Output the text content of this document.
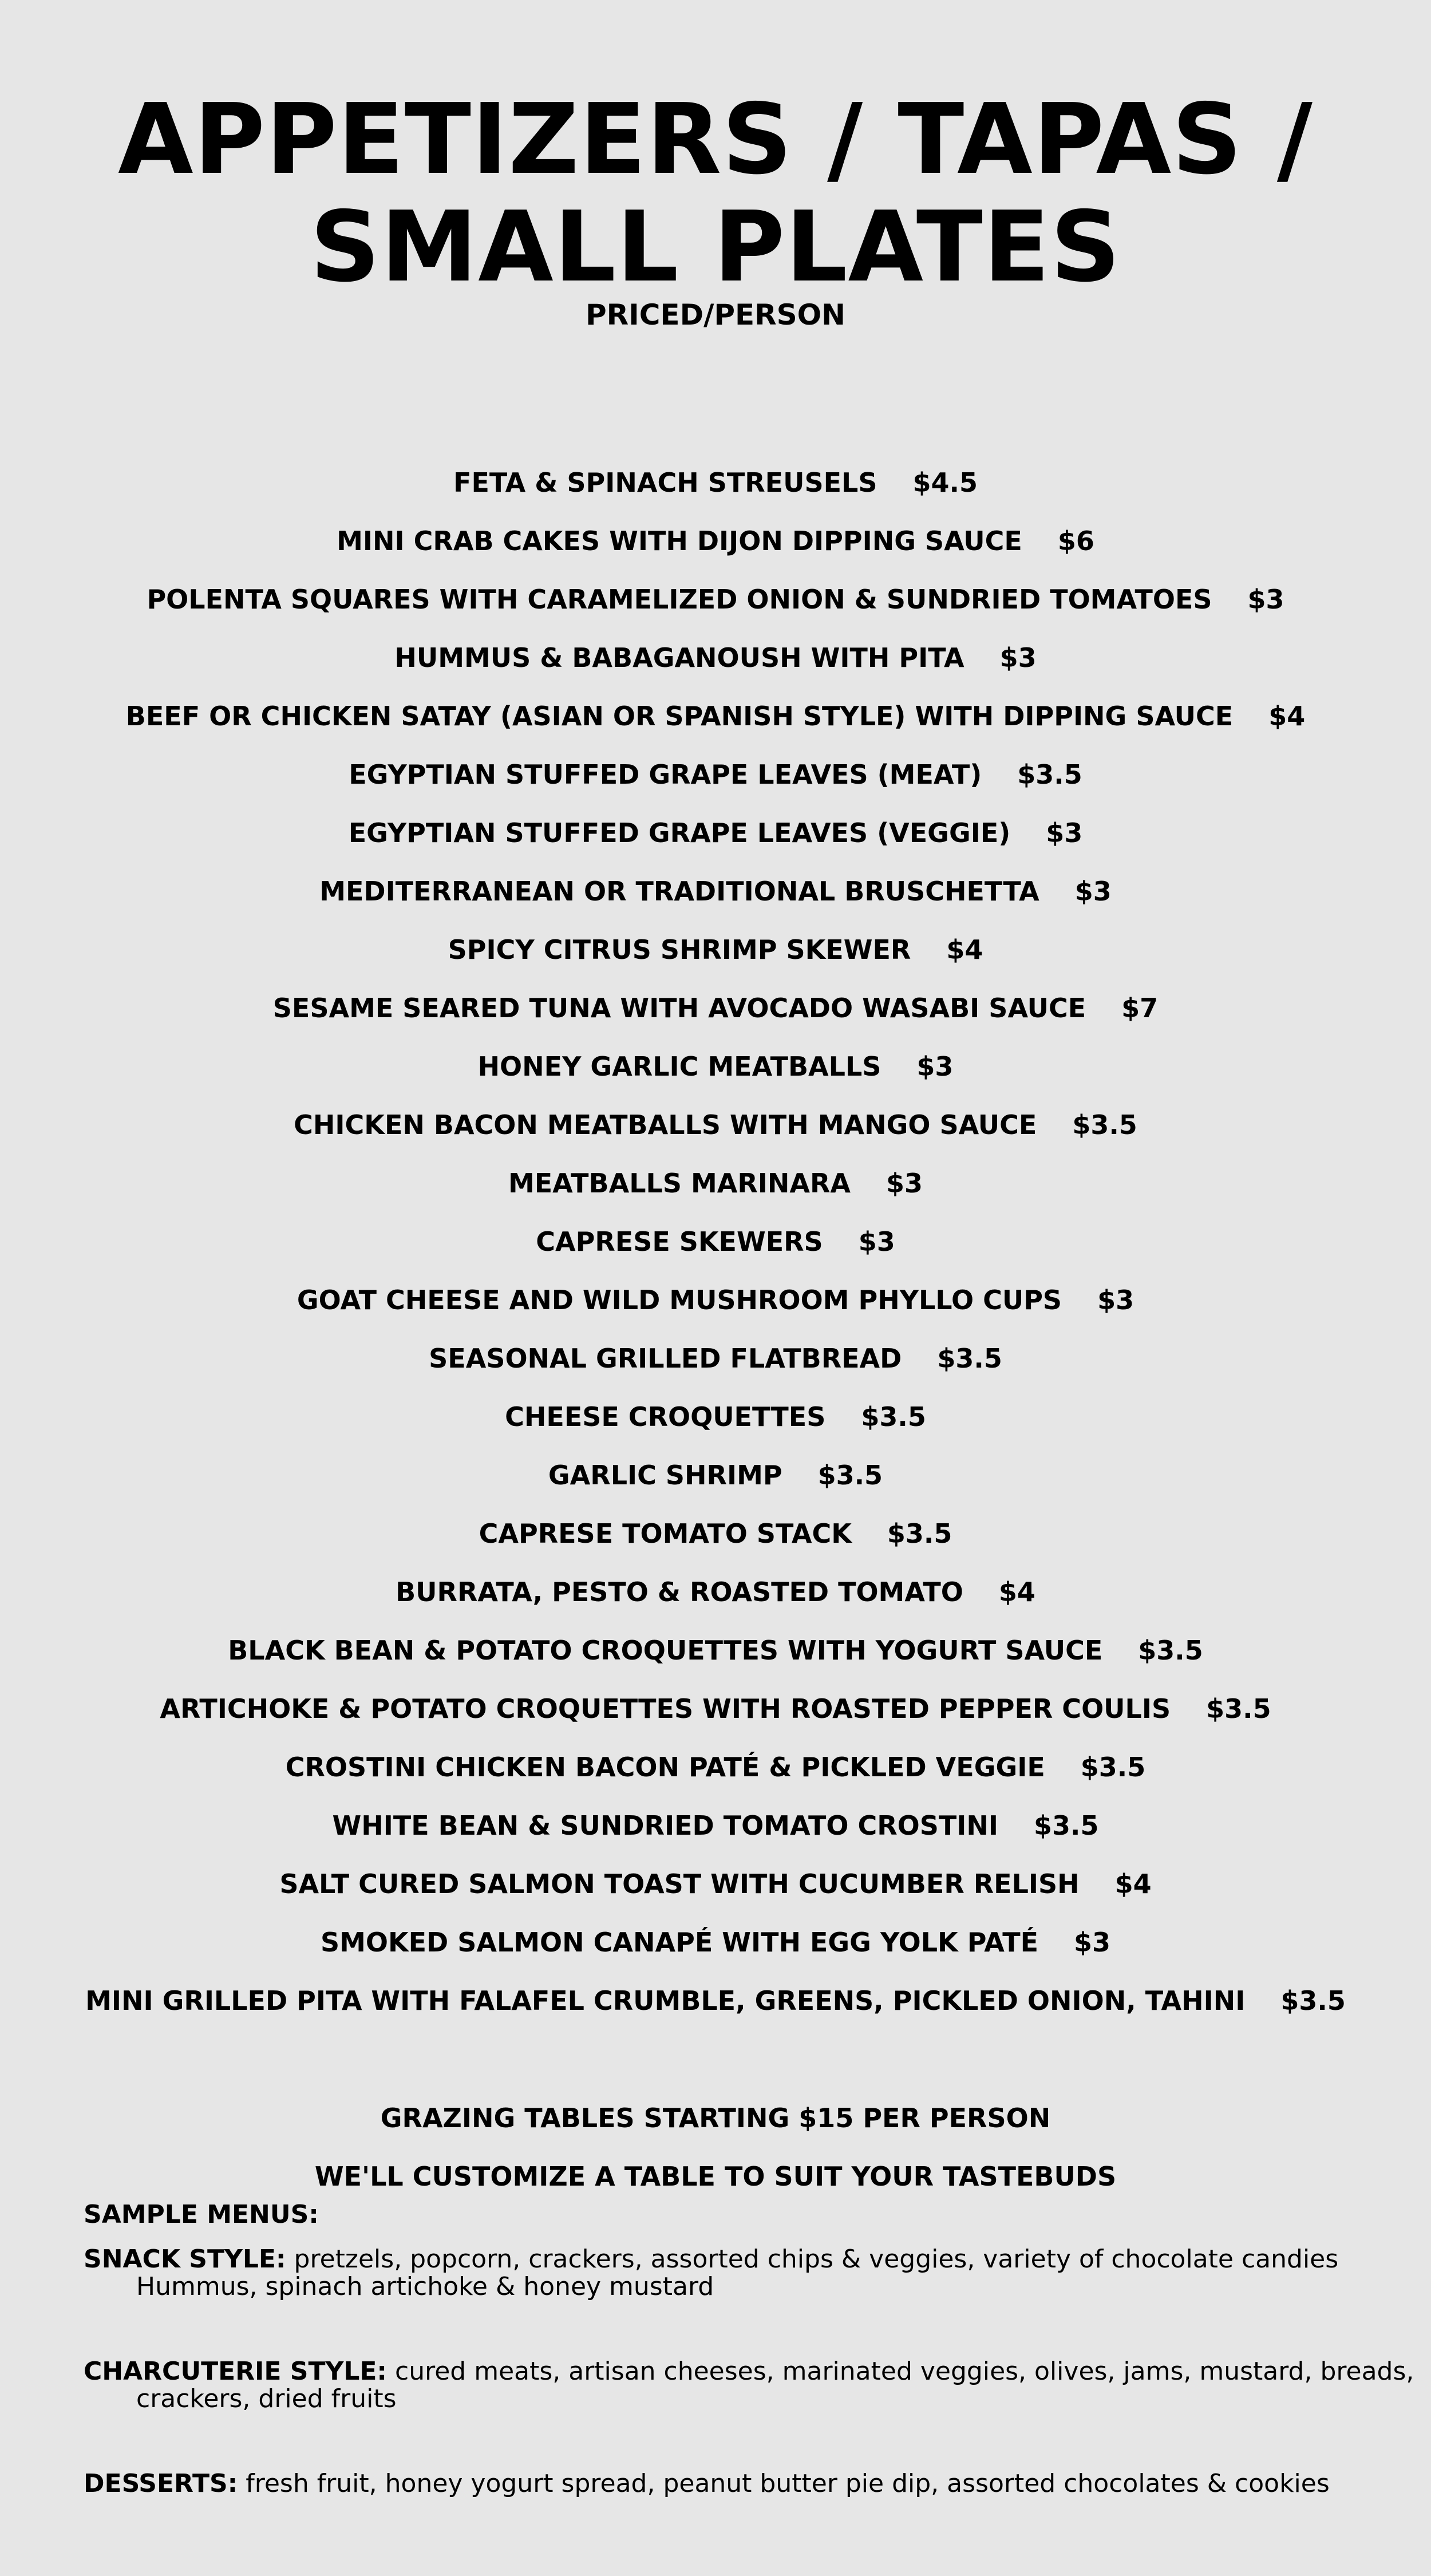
APPETIZERS / TAPAS /
SMALL PLATES
PRICED/PERSON
FETA & SPINACH STREUSELS $4.5
MINI CRAB CAKES WITH DIJON DIPPING SAUCE $6
POLENTA SQUARES WITH CARAMELIZED ONION & SUNDRIED TOMATOES $3
HUMMUS & BABAGANOUSH WITH PITA $3
BEEF OR CHICKEN SATAY (ASIAN OR SPANISH STYLE) WITH DIPPING SAUCE $4
EGYPTIAN STUFFED GRAPE LEAVES (MEAT) $3.5
EGYPTIAN STUFFED GRAPE LEAVES (VEGGIE) $3
MEDITERRANEAN OR TRADITIONAL BRUSCHETTA $3
SPICY CITRUS SHRIMP SKEWER $4
SESAME SEARED TUNA WITH AVOCADO WASABI SAUCE $7
HONEY GARLIC MEATBALLS $3
CHICKEN BACON MEATBALLS WITH MANGO SAUCE $3.5
MEATBALLS MARINARA $3
CAPRESE SKEWERS $3
GOAT CHEESE AND WILD MUSHROOM PHYLLO CUPS $3
SEASONAL GRILLED FLATBREAD $3.5
CHEESE CROQUETTES $3.5
GARLIC SHRIMP $3.5
CAPRESE TOMATO STACK $3.5
BURRATA, PESTO & ROASTED TOMATO $4
BLACK BEAN & POTATO CROQUETTES WITH YOGURT SAUCE $3.5
ARTICHOKE & POTATO CROQUETTES WITH ROASTED PEPPER COULIS $3.5
CROSTINI CHICKEN BACON PATÉ & PICKLED VEGGIE $3.5
WHITE BEAN & SUNDRIED TOMATO CROSTINI $3.5
SALT CURED SALMON TOAST WITH CUCUMBER RELISH $4
SMOKED SALMON CANAPÉ WITH EGG YOLK PATÉ $3
MINI GRILLED PITA WITH FALAFEL CRUMBLE, GREENS, PICKLED ONION, TAHINI $3.5
GRAZING TABLES STARTING $15 PER PERSON
WE'LL CUSTOMIZE A TABLE TO SUIT YOUR TASTEBUDS
SAMPLE MENUS:
SNACK STYLE: pretzels, popcorn, crackers, assorted chips & veggies, variety of chocolate candies
Hummus, spinach artichoke & honey mustard
CHARCUTERIE STYLE: cured meats, artisan cheeses, marinated veggies, olives, jams, mustard, breads,
crackers, dried fruits
DESSERTS: fresh fruit, honey yogurt spread, peanut butter pie dip, assorted chocolates & cookies
